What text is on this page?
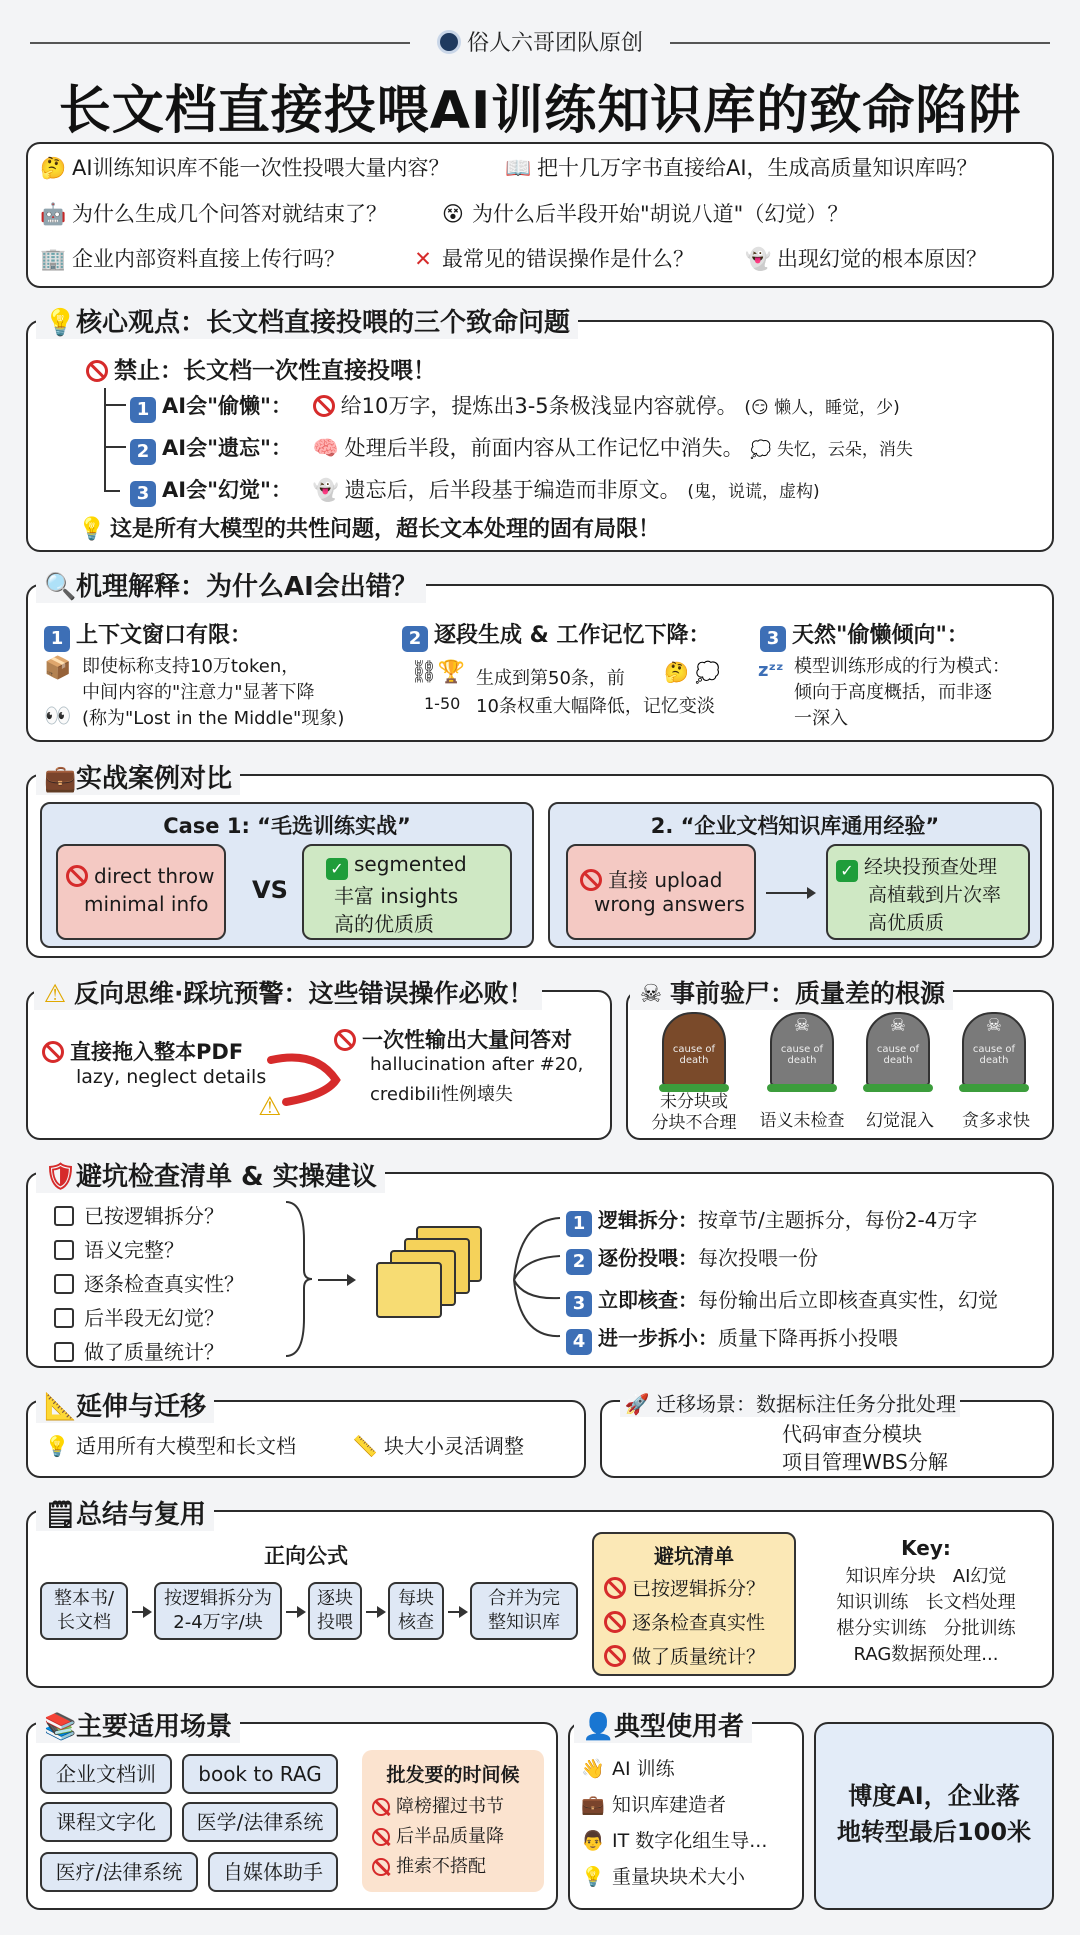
俗人六哥团队原创
长文档直接投喂AI训练知识库的致命陷阱
🤔 AI训练知识库不能一次性投喂大量内容？	📖 把十几万字书直接给AI，生成高质量知识库吗？
🤖 为什么生成几个问答对就结束了？	😵 为什么后半段开始"胡说八道"（幻觉）？
🏢 企业内部资料直接上传行吗？	✕ 最常见的错误操作是什么？ 👻 出现幻觉的根本原因？
💡核心观点：长文档直接投喂的三个致命问题
禁止：长文档一次性直接投喂！
1 AI会"偷懒"： 给10万字，提炼出3-5条极浅显内容就停。 (😏 懒人，睡觉，少)
2 AI会"遗忘"： 🧠 处理后半段，前面内容从工作记忆中消失。 💭 失忆，云朵，消失
3 AI会"幻觉"： 👻 遗忘后，后半段基于编造而非原文。 (鬼，说谎，虚构)
💡 这是所有大模型的共性问题，超长文本处理的固有局限！
🔍机理解释：为什么AI会出错？
1 上下文窗口有限：
📦
👀
即使标称支持10万token，
中间内容的"注意力"显著下降
(称为"Lost in the Middle"现象)
2 逐段生成 & 工作记忆下降：
⛓🏆
1-50
生成到第50条，前 🤔 💭
10条权重大幅降低，记忆变淡
3 天然"偷懒倾向"：
zᶻᶻ 模型训练形成的行为模式：
倾向于高度概括，而非逐
一深入
💼实战案例对比
Case 1: “毛选训练实战”
direct throw
minimal info VS
✓ segmented
丰富 insights
高的优质质
2. “企业文档知识库通用经验”
直接 upload
wrong answers
✓ 经块投预查处理
高植载到片次率
高优质质
⚠ 反向思维·踩坑预警：这些错误操作必败！
直接拖入整本PDF
lazy, neglect details
⚠
一次性输出大量问答对
hallucination after #20,
credibili性例壊失
☠ 事前验尸：质量差的根源
cause of death
☠
cause of death
☠
cause of death
☠
cause of death
未分块或
分块不合理	语义未检查	幻觉混入	贪多求快
🛡避坑检查清单 & 实操建议
已按逻辑拆分？
语义完整？
逐条检查真实性？
后半段无幻觉？
做了质量统计？
1 逻辑拆分：按章节/主题拆分，每份2-4万字
2 逐份投喂：每次投喂一份
3 立即核查：每份输出后立即核查真实性，幻觉
4 进一步拆小：质量下降再拆小投喂
📐延伸与迁移
💡 适用所有大模型和长文档	📏 块大小灵活调整
🚀 迁移场景：数据标注任务分批处理
代码审查分模块
项目管理WBS分解
🗒总结与复用
正向公式
整本书/
长文档
按逻辑拆分为
2-4万字/块
逐块
投喂
每块
核查
合并为完
整知识库
避坑清单
已按逻辑拆分？
逐条检查真实性
做了质量统计？
Key:
知识库分块   AI幻觉
知识训练   长文档处理
椹分实训练   分批训练
RAG数据预处理...
📚主要适用场景
企业文档训	book to RAG
课程文字化	医学/法律系统
医疗/法律系统	自媒体助手
批发要的时间候
障榜擢过书节
后半品质量降
推索不搭配
👤典型使用者
👋 AI 训练
💼 知识库建造者
👨 IT 数字化组生导...
💡 重量块块术大小
博度AI，企业落
地转型最后100米
